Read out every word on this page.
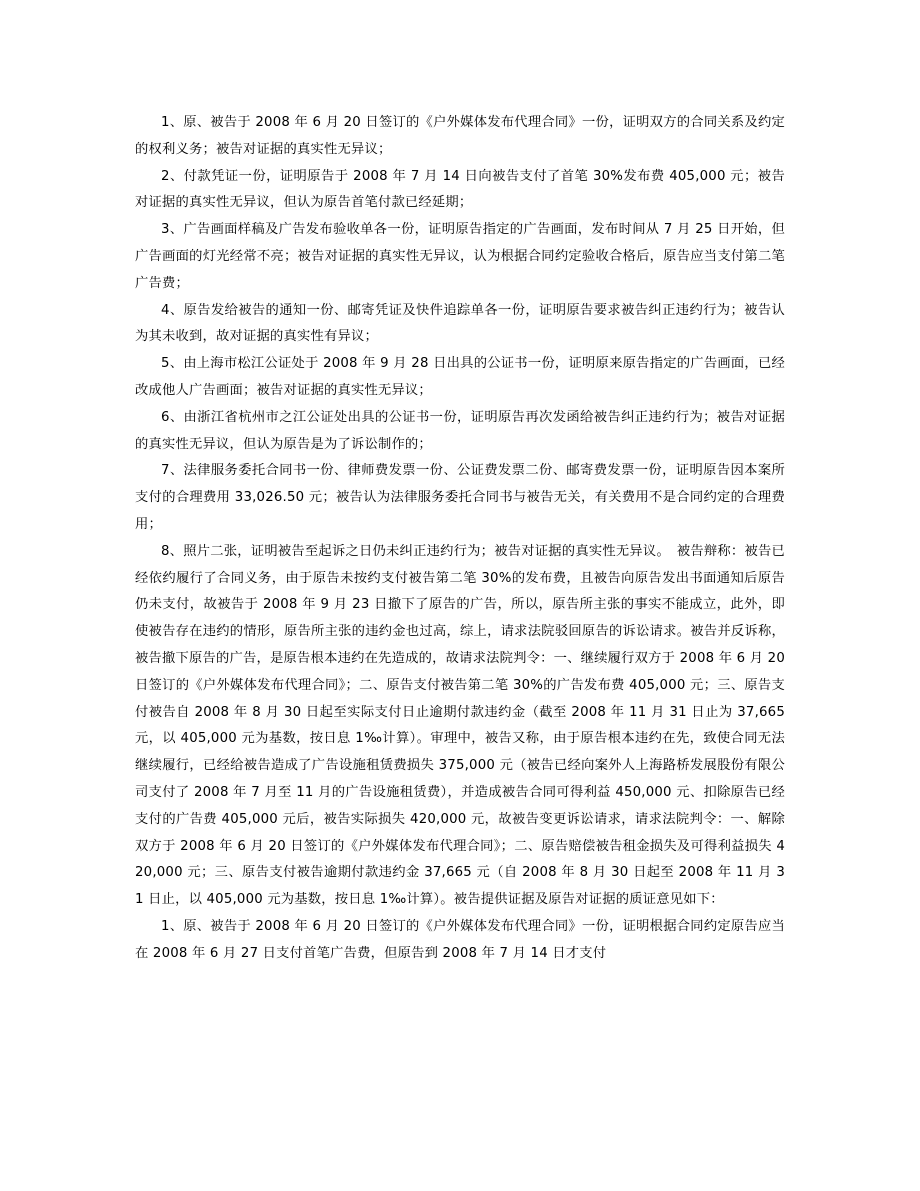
1、原、被告于 2008 年 6 月 20 日签订的《户外媒体发布代理合同》一份，证明双方的合同关系及约定的权利义务；被告对证据的真实性无异议；

2、付款凭证一份，证明原告于 2008 年 7 月 14 日向被告支付了首笔 30%发布费 405,000 元；被告对证据的真实性无异议，但认为原告首笔付款已经延期；

3、广告画面样稿及广告发布验收单各一份，证明原告指定的广告画面，发布时间从 7 月 25 日开始，但广告画面的灯光经常不亮；被告对证据的真实性无异议，认为根据合同约定验收合格后，原告应当支付第二笔广告费；

4、原告发给被告的通知一份、邮寄凭证及快件追踪单各一份，证明原告要求被告纠正违约行为；被告认为其未收到，故对证据的真实性有异议；

5、由上海市松江公证处于 2008 年 9 月 28 日出具的公证书一份，证明原来原告指定的广告画面，已经改成他人广告画面；被告对证据的真实性无异议；

6、由浙江省杭州市之江公证处出具的公证书一份，证明原告再次发函给被告纠正违约行为；被告对证据的真实性无异议，但认为原告是为了诉讼制作的；

7、法律服务委托合同书一份、律师费发票一份、公证费发票二份、邮寄费发票一份，证明原告因本案所支付的合理费用 33,026.50 元；被告认为法律服务委托合同书与被告无关，有关费用不是合同约定的合理费用；

8、照片二张，证明被告至起诉之日仍未纠正违约行为；被告对证据的真实性无异议。　被告辩称：被告已经依约履行了合同义务，由于原告未按约支付被告第二笔 30%的发布费，且被告向原告发出书面通知后原告仍未支付，故被告于 2008 年 9 月 23 日撤下了原告的广告，所以，原告所主张的事实不能成立，此外，即使被告存在违约的情形，原告所主张的违约金也过高，综上，请求法院驳回原告的诉讼请求。被告并反诉称，被告撤下原告的广告，是原告根本违约在先造成的，故请求法院判令：一、继续履行双方于 2008 年 6 月 20 日签订的《户外媒体发布代理合同》；二、原告支付被告第二笔 30%的广告发布费 405,000 元；三、原告支付被告自 2008 年 8 月 30 日起至实际支付日止逾期付款违约金（截至 2008 年 11 月 31 日止为 37,665 元，以 405,000 元为基数，按日息 1‰计算）。审理中，被告又称，由于原告根本违约在先，致使合同无法继续履行，已经给被告造成了广告设施租赁费损失 375,000 元（被告已经向案外人上海路桥发展股份有限公司支付了 2008 年 7 月至 11 月的广告设施租赁费），并造成被告合同可得利益 450,000 元、扣除原告已经支付的广告费 405,000 元后，被告实际损失 420,000 元，故被告变更诉讼请求，请求法院判令：一、解除双方于 2008 年 6 月 20 日签订的《户外媒体发布代理合同》；二、原告赔偿被告租金损失及可得利益损失 420,000 元；三、原告支付被告逾期付款违约金 37,665 元（自 2008 年 8 月 30 日起至 2008 年 11 月 31 日止，以 405,000 元为基数，按日息 1‰计算）。被告提供证据及原告对证据的质证意见如下：

1、原、被告于 2008 年 6 月 20 日签订的《户外媒体发布代理合同》一份，证明根据合同约定原告应当在 2008 年 6 月 27 日支付首笔广告费，但原告到 2008 年 7 月 14 日才支付
